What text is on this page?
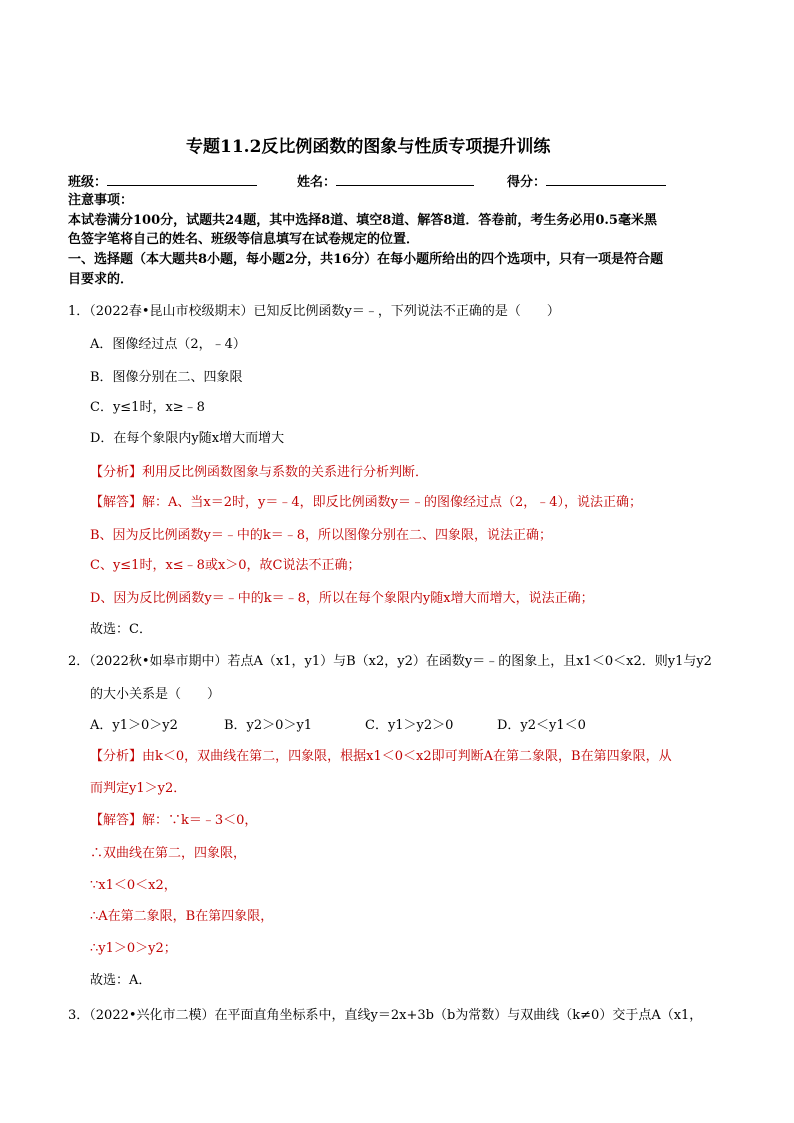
专题11.2反比例函数的图象与性质专项提升训练
班级：	姓名：	得分：
注意事项：
本试卷满分100分，试题共24题，其中选择8道、填空8道、解答8道．答卷前，考生务必用0.5毫米黑
色签字笔将自己的姓名、班级等信息填写在试卷规定的位置．
一、选择题（本大题共8小题，每小题2分，共16分）在每小题所给出的四个选项中，只有一项是符合题
目要求的．
1．（2022春•昆山市校级期末）已知反比例函数y＝﹣，下列说法不正确的是（　　）
A．图像经过点（2，﹣4）
B．图像分别在二、四象限
C．y≤1时，x≥﹣8
D．在每个象限内y随x增大而增大
【分析】利用反比例函数图象与系数的关系进行分析判断．
【解答】解：A、当x＝2时，y＝﹣4，即反比例函数y＝﹣的图像经过点（2，﹣4），说法正确；
B、因为反比例函数y＝﹣中的k＝﹣8，所以图像分别在二、四象限，说法正确；
C、y≤1时，x≤﹣8或x＞0，故C说法不正确；
D、因为反比例函数y＝﹣中的k＝﹣8，所以在每个象限内y随x增大而增大，说法正确；
故选：C．
2．（2022秋•如皋市期中）若点A（x1，y1）与B（x2，y2）在函数y＝﹣的图象上，且x1＜0＜x2．则y1与y2
的大小关系是（　　）
A．y1＞0＞y2	B．y2＞0＞y1	C．y1＞y2＞0	D．y2＜y1＜0
【分析】由k＜0，双曲线在第二，四象限，根据x1＜0＜x2即可判断A在第二象限，B在第四象限，从
而判定y1＞y2．
【解答】解：∵k＝﹣3＜0，
∴双曲线在第二，四象限，
∵x1＜0＜x2，
∴A在第二象限，B在第四象限，
∴y1＞0＞y2；
故选：A．
3．（2022•兴化市二模）在平面直角坐标系中，直线y＝2x+3b（b为常数）与双曲线（k≠0）交于点A（x1，
